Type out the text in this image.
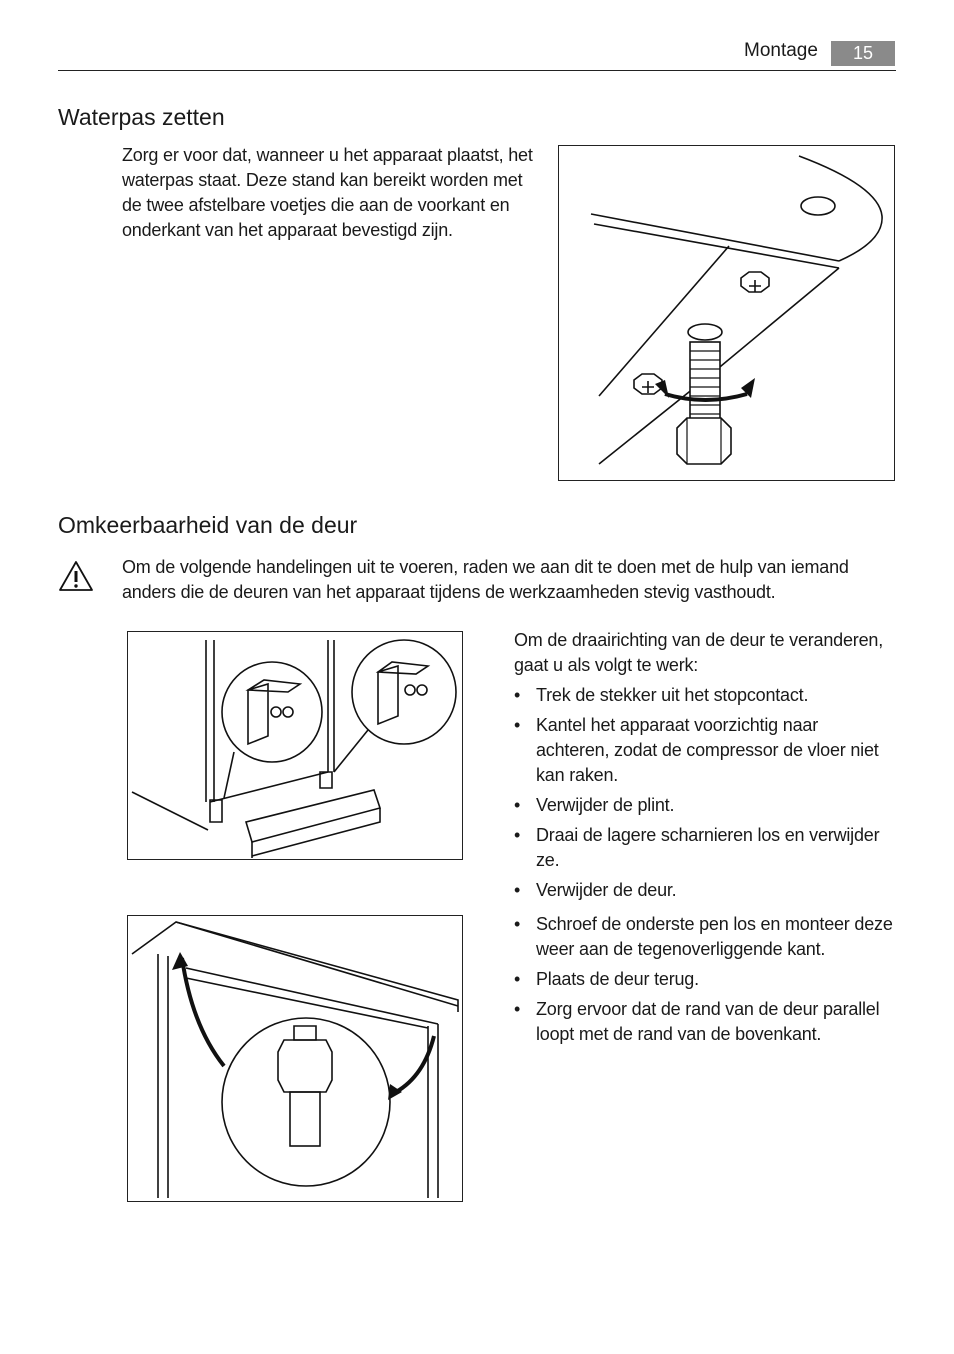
Montage	15
Waterpas zetten

Zorg er voor dat, wanneer u het apparaat plaatst, het waterpas staat. Deze stand kan bereikt worden met de twee afstelbare voetjes die aan de voorkant en onderkant van het apparaat bevestigd zijn.

Omkeerbaarheid van de deur

Om de volgende handelingen uit te voeren, raden we aan dit te doen met de hulp van iemand anders die de deuren van het apparaat tijdens de werkzaamheden stevig vasthoudt.

Om de draairichting van de deur te veranderen, gaat u als volgt te werk:

• Trek de stekker uit het stopcontact.
• Kantel het apparaat voorzichtig naar achteren, zodat de compressor de vloer niet kan raken.
• Verwijder de plint.
• Draai de lagere scharnieren los en verwijder ze.
• Verwijder de deur.
• Schroef de onderste pen los en monteer deze weer aan de tegenoverliggende kant.
• Plaats de deur terug.
• Zorg ervoor dat de rand van de deur parallel loopt met de rand van de bovenkant.
